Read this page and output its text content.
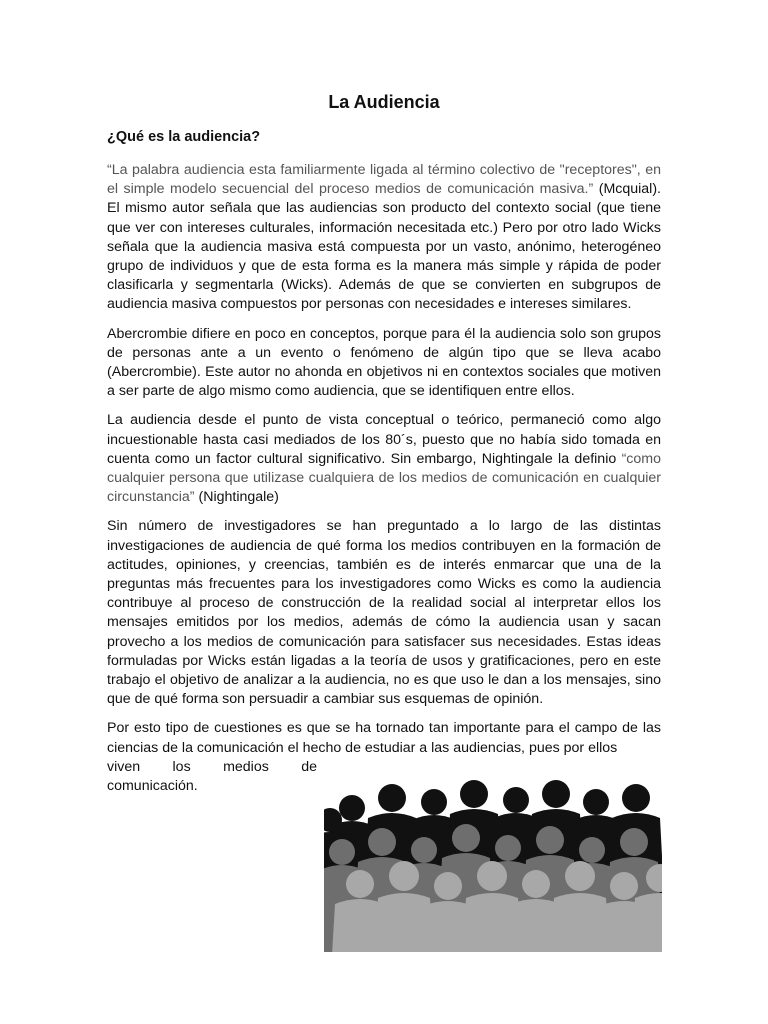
La Audiencia
¿Qué es la audiencia?

“La palabra audiencia esta familiarmente ligada al término colectivo de "receptores", en el simple modelo secuencial del proceso medios de comunicación masiva.” (Mcquial). El mismo autor señala que las audiencias son producto del contexto social (que tiene que ver con intereses culturales, información necesitada etc.) Pero por otro lado Wicks señala que la audiencia masiva está compuesta por un vasto, anónimo, heterogéneo grupo de individuos y que de esta forma es la manera más simple y rápida de poder clasificarla y segmentarla (Wicks). Además de que se convierten en subgrupos de audiencia masiva compuestos por personas con necesidades e intereses similares.

Abercrombie difiere en poco en conceptos, porque para él la audiencia solo son grupos de personas ante a un evento o fenómeno de algún tipo que se lleva acabo (Abercrombie). Este autor no ahonda en objetivos ni en contextos sociales que motiven a ser parte de algo mismo como audiencia, que se identifiquen entre ellos.

La audiencia desde el punto de vista conceptual o teórico, permaneció como algo incuestionable hasta casi mediados de los 80´s, puesto que no había sido tomada en cuenta como un factor cultural significativo. Sin embargo, Nightingale la definio “como cualquier persona que utilizase cualquiera de los medios de comunicación en cualquier circunstancia” (Nightingale)

Sin número de investigadores se han preguntado a lo largo de las distintas investigaciones de audiencia de qué forma los medios contribuyen en la formación de actitudes, opiniones, y creencias, también es de interés enmarcar que una de la preguntas más frecuentes para los investigadores como Wicks es como la audiencia contribuye al proceso de construcción de la realidad social al interpretar ellos los mensajes emitidos por los medios, además de cómo la audiencia usan y sacan provecho a los medios de comunicación para satisfacer sus necesidades. Estas ideas formuladas por Wicks están ligadas a la teoría de usos y gratificaciones, pero en este trabajo el objetivo de analizar a la audiencia, no es que uso le dan a los mensajes, sino que de qué forma son persuadir a cambiar sus esquemas de opinión.

Por esto tipo de cuestiones es que se ha tornado tan importante para el campo de las ciencias de la comunicación el hecho de estudiar a las audiencias, pues por ellos
viven los medios de
comunicación.
